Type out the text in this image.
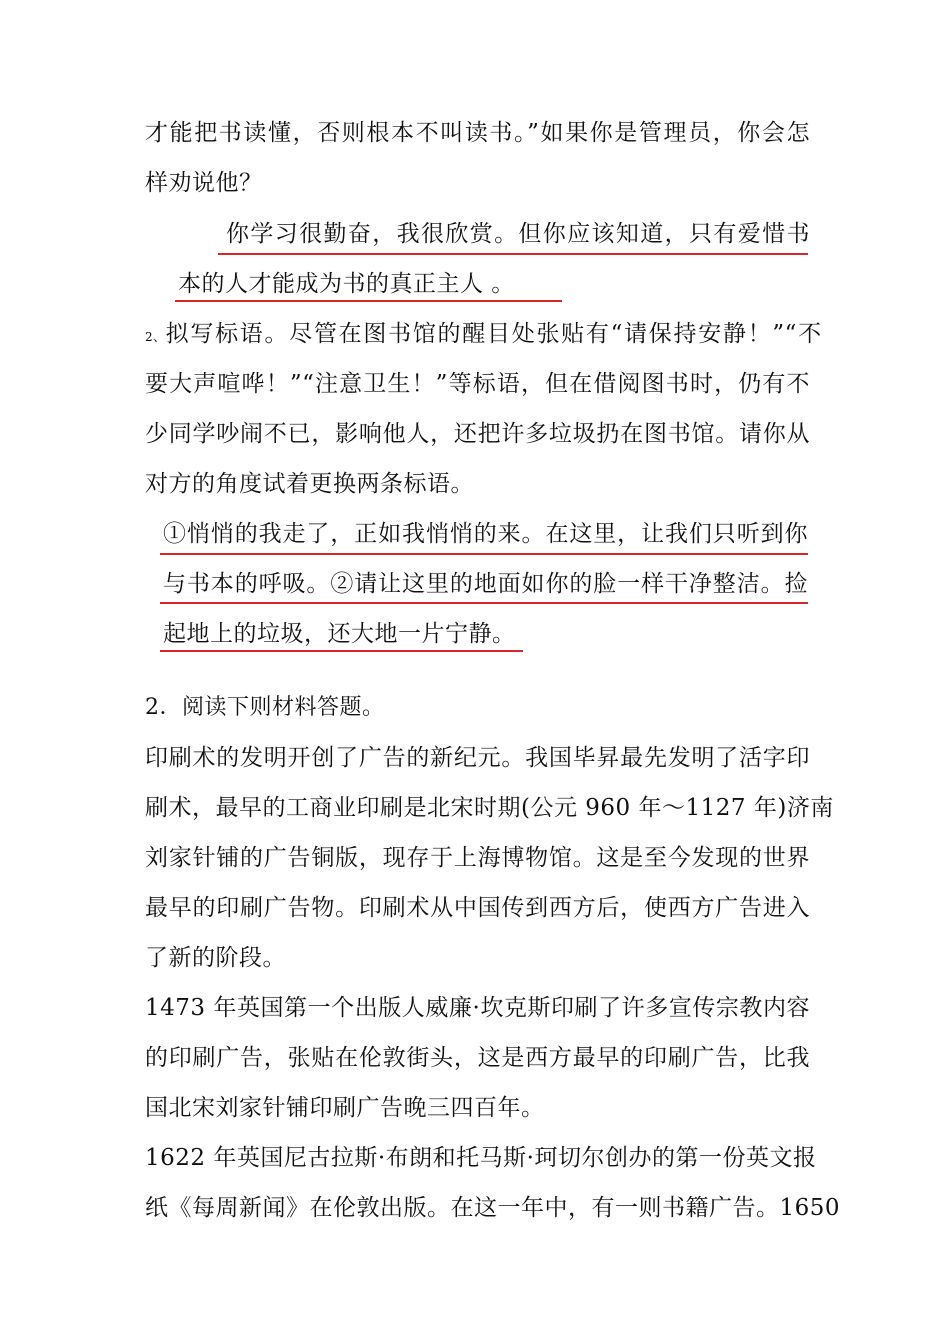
才能把书读懂，否则根本不叫读书。”如果你是管理员，你会怎
样劝说他？
你学习很勤奋，我很欣赏。但你应该知道，只有爱惜书
本的人才能成为书的真正主人 。
2、拟写标语。尽管在图书馆的醒目处张贴有“请保持安静！”“不
要大声喧哗！”“注意卫生！”等标语，但在借阅图书时，仍有不
少同学吵闹不已，影响他人，还把许多垃圾扔在图书馆。请你从
对方的角度试着更换两条标语。
①悄悄的我走了，正如我悄悄的来。在这里，让我们只听到你
与书本的呼吸。②请让这里的地面如你的脸一样干净整洁。捡
起地上的垃圾，还大地一片宁静。
2．阅读下则材料答题。
印刷术的发明开创了广告的新纪元。我国毕昇最先发明了活字印
刷术，最早的工商业印刷是北宋时期(公元 960 年～1127 年)济南
刘家针铺的广告铜版，现存于上海博物馆。这是至今发现的世界
最早的印刷广告物。印刷术从中国传到西方后，使西方广告进入
了新的阶段。
1473 年英国第一个出版人威廉·坎克斯印刷了许多宣传宗教内容
的印刷广告，张贴在伦敦街头，这是西方最早的印刷广告，比我
国北宋刘家针铺印刷广告晚三四百年。
1622 年英国尼古拉斯·布朗和托马斯·珂切尔创办的第一份英文报
纸《每周新闻》在伦敦出版。在这一年中，有一则书籍广告。1650
